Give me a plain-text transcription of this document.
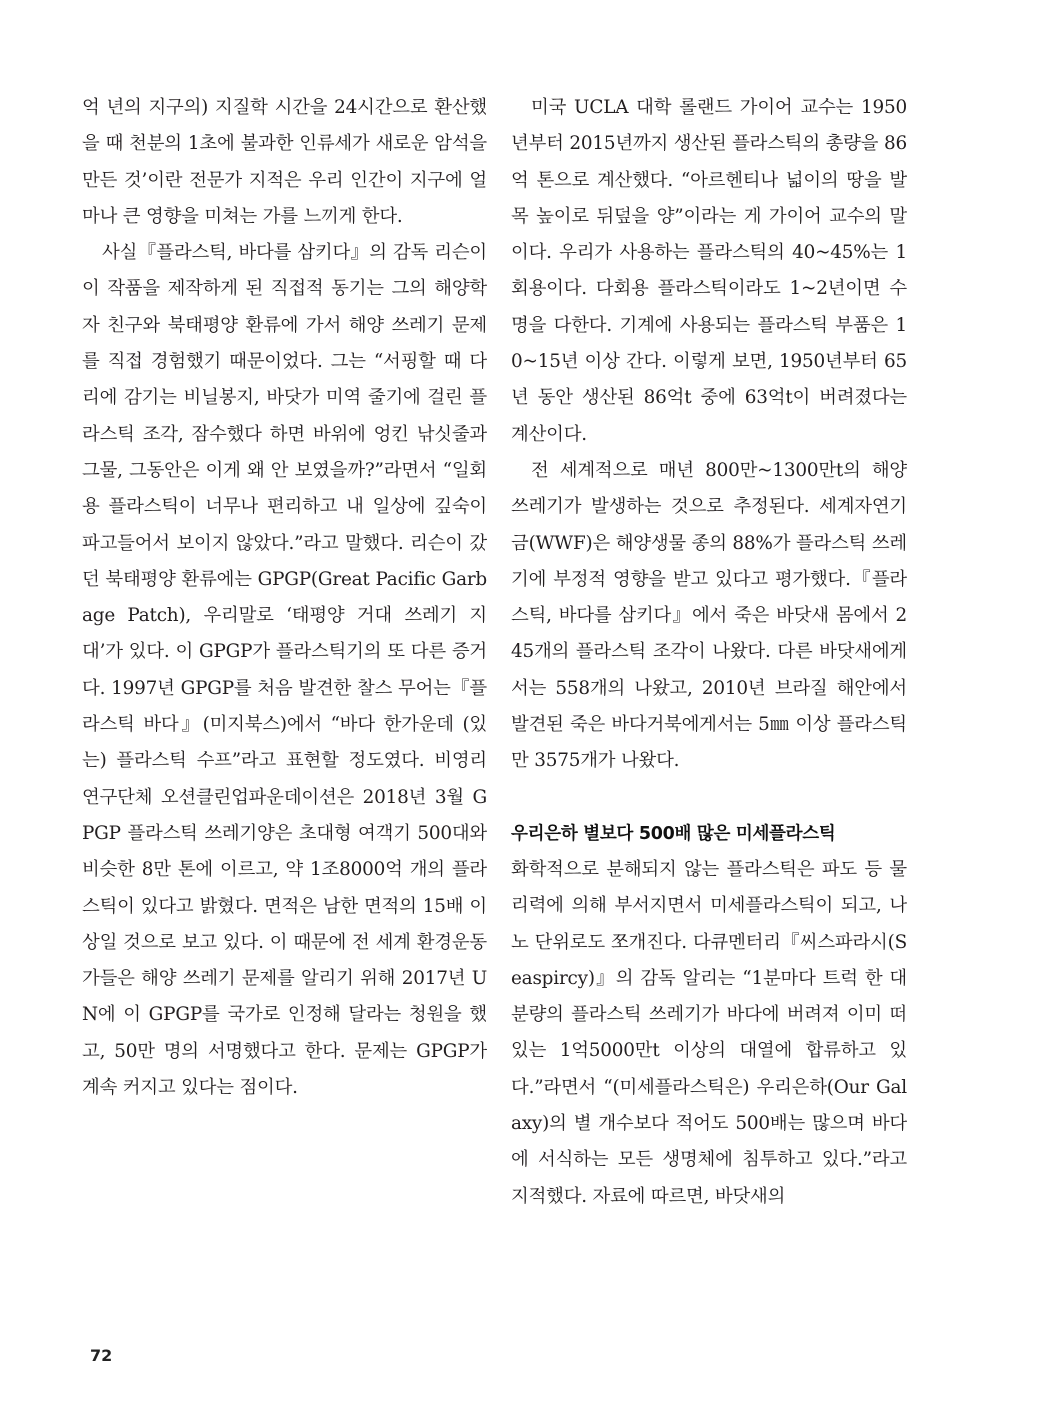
억 년의 지구의) 지질학 시간을 24시간으로 환산했을 때 천분의 1초에 불과한 인류세가 새로운 암석을 만든 것’이란 전문가 지적은 우리 인간이 지구에 얼마나 큰 영향을 미쳐는 가를 느끼게 한다.

사실『플라스틱, 바다를 삼키다』의 감독 리슨이 이 작품을 제작하게 된 직접적 동기는 그의 해양학자 친구와 북태평양 환류에 가서 해양 쓰레기 문제를 직접 경험했기 때문이었다. 그는 “서핑할 때 다리에 감기는 비닐봉지, 바닷가 미역 줄기에 걸린 플라스틱 조각, 잠수했다 하면 바위에 엉킨 낚싯줄과 그물, 그동안은 이게 왜 안 보였을까?”라면서 “일회용 플라스틱이 너무나 편리하고 내 일상에 깊숙이 파고들어서 보이지 않았다.”라고 말했다. 리슨이 갔던 북태평양 환류에는 GPGP(Great Pacific Garbage Patch), 우리말로 ‘태평양 거대 쓰레기 지대’가 있다. 이 GPGP가 플라스틱기의 또 다른 증거다. 1997년 GPGP를 처음 발견한 찰스 무어는『플라스틱 바다』(미지북스)에서 “바다 한가운데 (있는) 플라스틱 수프”라고 표현할 정도였다. 비영리 연구단체 오션클린업파운데이션은 2018년 3월 GPGP 플라스틱 쓰레기양은 초대형 여객기 500대와 비슷한 8만 톤에 이르고, 약 1조8000억 개의 플라스틱이 있다고 밝혔다. 면적은 남한 면적의 15배 이상일 것으로 보고 있다. 이 때문에 전 세계 환경운동가들은 해양 쓰레기 문제를 알리기 위해 2017년 UN에 이 GPGP를 국가로 인정해 달라는 청원을 했고, 50만 명의 서명했다고 한다. 문제는 GPGP가 계속 커지고 있다는 점이다.

미국 UCLA 대학 롤랜드 가이어 교수는 1950년부터 2015년까지 생산된 플라스틱의 총량을 86억 톤으로 계산했다. “아르헨티나 넓이의 땅을 발목 높이로 뒤덮을 양”이라는 게 가이어 교수의 말이다. 우리가 사용하는 플라스틱의 40~45%는 1회용이다. 다회용 플라스틱이라도 1~2년이면 수명을 다한다. 기계에 사용되는 플라스틱 부품은 10~15년 이상 간다. 이렇게 보면, 1950년부터 65년 동안 생산된 86억t 중에 63억t이 버려졌다는 계산이다.

전 세계적으로 매년 800만~1300만t의 해양 쓰레기가 발생하는 것으로 추정된다. 세계자연기금(WWF)은 해양생물 종의 88%가 플라스틱 쓰레기에 부정적 영향을 받고 있다고 평가했다.『플라스틱, 바다를 삼키다』에서 죽은 바닷새 몸에서 245개의 플라스틱 조각이 나왔다. 다른 바닷새에게서는 558개의 나왔고, 2010년 브라질 해안에서 발견된 죽은 바다거북에게서는 5㎜ 이상 플라스틱만 3575개가 나왔다.

우리은하 별보다 500배 많은 미세플라스틱

화학적으로 분해되지 않는 플라스틱은 파도 등 물리력에 의해 부서지면서 미세플라스틱이 되고, 나노 단위로도 쪼개진다. 다큐멘터리『씨스파라시(Seaspircy)』의 감독 알리는 “1분마다 트럭 한 대 분량의 플라스틱 쓰레기가 바다에 버려져 이미 떠 있는 1억5000만t 이상의 대열에 합류하고 있다.”라면서 “(미세플라스틱은) 우리은하(Our Galaxy)의 별 개수보다 적어도 500배는 많으며 바다에 서식하는 모든 생명체에 침투하고 있다.”라고 지적했다. 자료에 따르면, 바닷새의

72
